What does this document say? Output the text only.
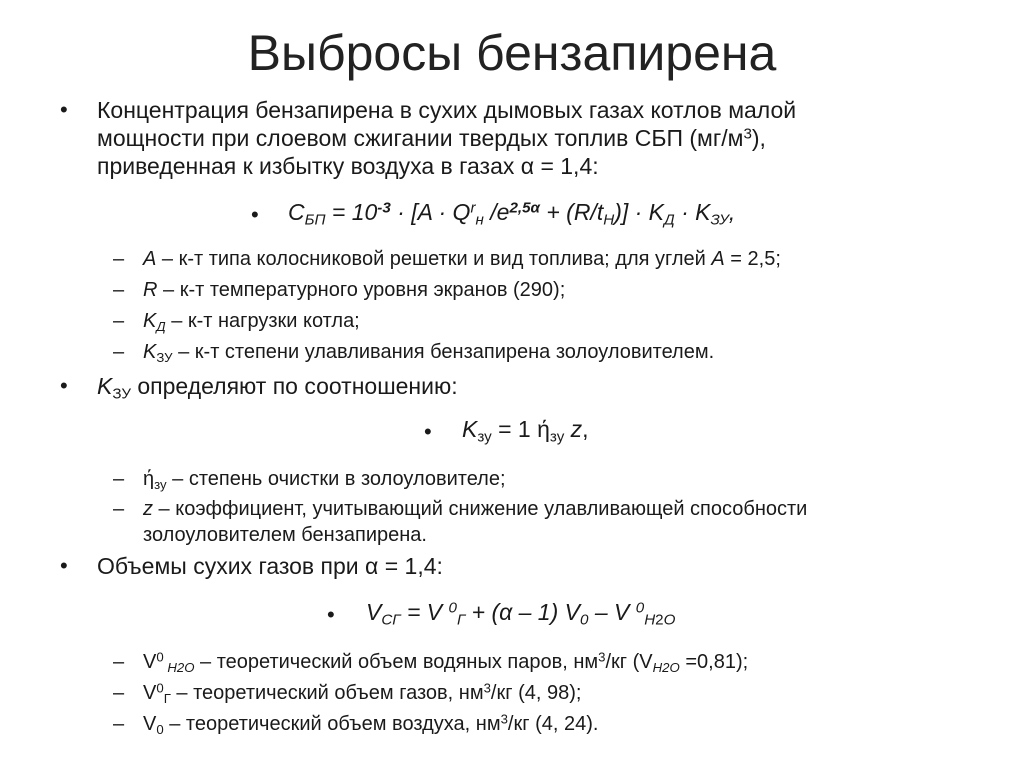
Выбросы бензапирена
• Концентрация бензапирена в сухих дымовых газах котлов малой
мощности при слоевом сжигании твердых топлив СБП $(мг/м^3)$,
приведенная к избытку воздуха в газах α = 1,4:
• $C_{БП} = 10^{-3} \cdot [A \cdot Q^r_н$ $/e^{2,5\alpha} + (R/t_Н)] \cdot K_Д \cdot K_{ЗУ}$,
– A – к-т типа колосниковой решетки и вид топлива; для углей A = 2,5;
– R – к-т температурного уровня экранов (290);
– $K_Д - к-т$ нагрузки котла;
– $K_{ЗУ} - к-т$ степени улавливания бензапирена золоуловителем.
• $K_{ЗУ}$ определяют по соотношению:
• $K_{зу} = 1$ $ή_{зу}$ z,
– $ή_{зу}$ – степень очистки в золоуловителе;
– z – коэффициент, учитывающий снижение улавливающей способности
золоуловителем бензапирена.
• Объемы сухих газов при α = 1,4:
• $V_{СГ} = V$ $^0_Г$ + (α – 1) $V_0$ – V $^0_{H2O}$
– $V^0$ $_{H2O}$ – теоретический объем водяных паров, $нм^3/кг$ $(V_{H2O} =0,81)$;
– $V^0_Г$ – теоретический объем газов, $нм^3/кг$ (4, 98);
– $V_0$ – теоретический объем воздуха, $нм^3/кг$ (4, 24).
